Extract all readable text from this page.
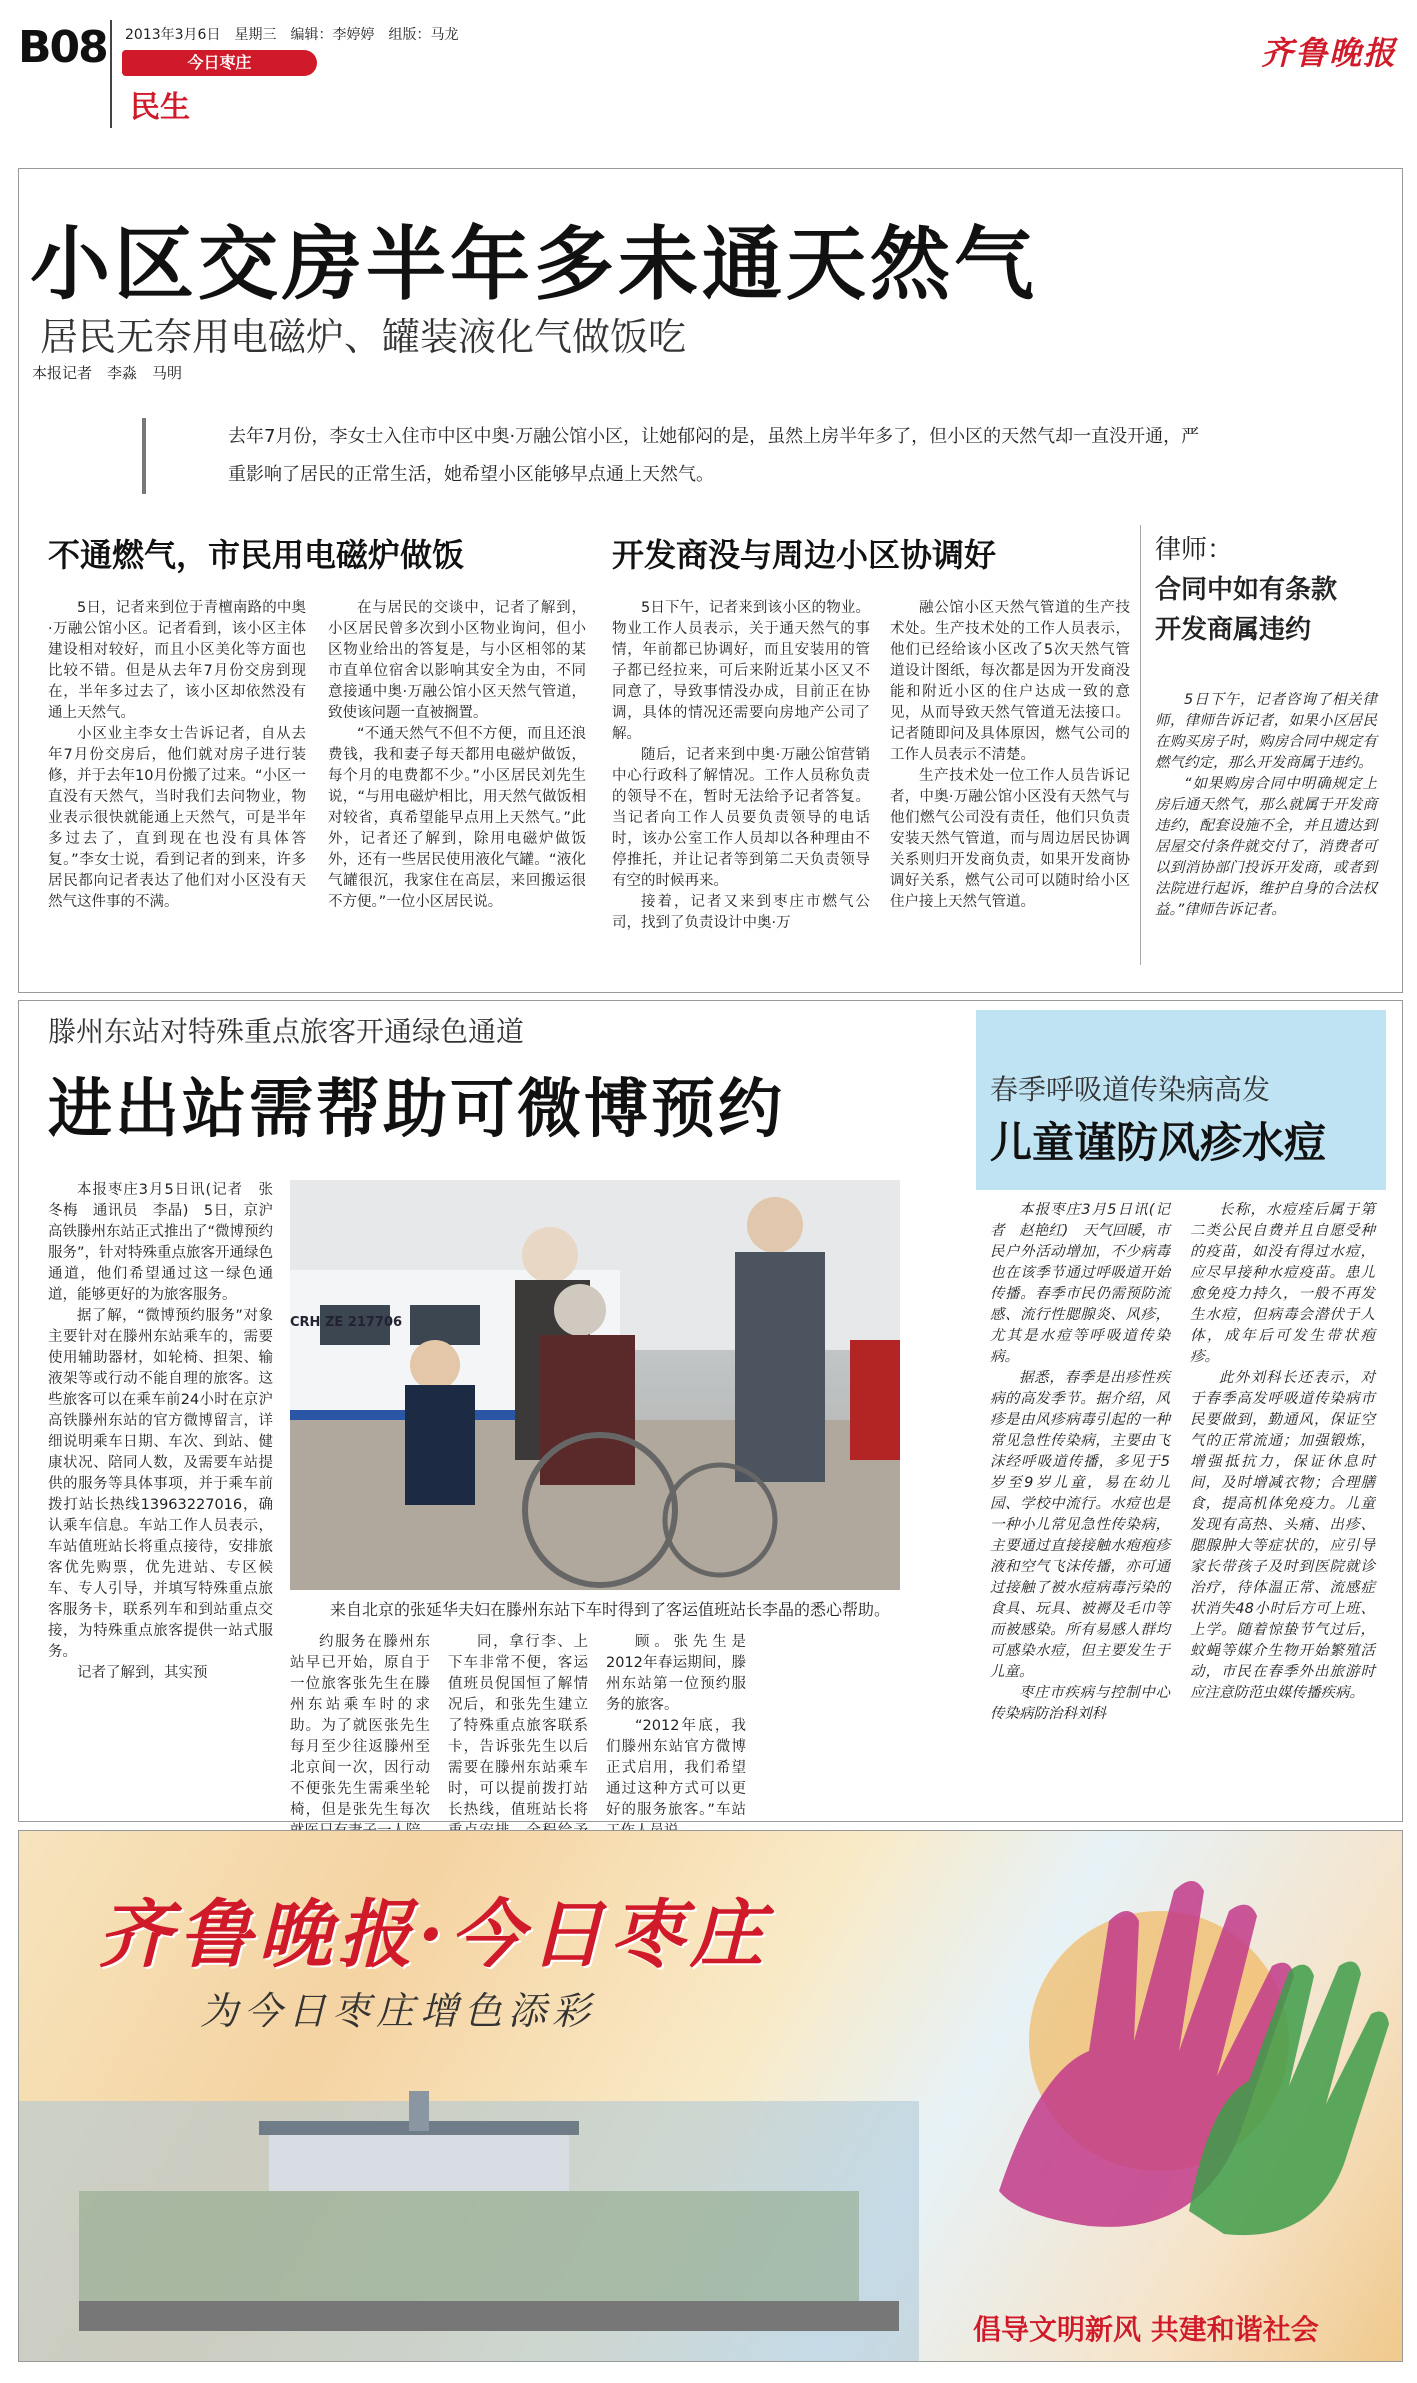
B08 2013年3月6日　星期三　编辑：李婷婷　组版：马龙
今日枣庄
民生
齐鲁晚报
小区交房半年多未通天然气
居民无奈用电磁炉、罐装液化气做饭吃
本报记者　李淼　马明
去年7月份，李女士入住市中区中奥·万融公馆小区，让她郁闷的是，虽然上房半年多了，但小区的天然气却一直没开通，严重影响了居民的正常生活，她希望小区能够早点通上天然气。
不通燃气，市民用电磁炉做饭	开发商没与周边小区协调好

5日，记者来到位于青檀南路的中奥·万融公馆小区。记者看到，该小区主体建设相对较好，而且小区美化等方面也比较不错。但是从去年7月份交房到现在，半年多过去了，该小区却依然没有通上天然气。

小区业主李女士告诉记者，自从去年7月份交房后，他们就对房子进行装修，并于去年10月份搬了过来。“小区一直没有天然气，当时我们去问物业，物业表示很快就能通上天然气，可是半年多过去了，直到现在也没有具体答复。”李女士说，看到记者的到来，许多居民都向记者表达了他们对小区没有天然气这件事的不满。

在与居民的交谈中，记者了解到，小区居民曾多次到小区物业询问，但小区物业给出的答复是，与小区相邻的某市直单位宿舍以影响其安全为由，不同意接通中奥·万融公馆小区天然气管道，致使该问题一直被搁置。

“不通天然气不但不方便，而且还浪费钱，我和妻子每天都用电磁炉做饭，每个月的电费都不少。”小区居民刘先生说，“与用电磁炉相比，用天然气做饭相对较省，真希望能早点用上天然气。”此外，记者还了解到，除用电磁炉做饭外，还有一些居民使用液化气罐。“液化气罐很沉，我家住在高层，来回搬运很不方便。”一位小区居民说。

5日下午，记者来到该小区的物业。物业工作人员表示，关于通天然气的事情，年前都已协调好，而且安装用的管子都已经拉来，可后来附近某小区又不同意了，导致事情没办成，目前正在协调，具体的情况还需要向房地产公司了解。

随后，记者来到中奥·万融公馆营销中心行政科了解情况。工作人员称负责的领导不在，暂时无法给予记者答复。当记者向工作人员要负责领导的电话时，该办公室工作人员却以各种理由不停推托，并让记者等到第二天负责领导有空的时候再来。

接着，记者又来到枣庄市燃气公司，找到了负责设计中奥·万

融公馆小区天然气管道的生产技术处。生产技术处的工作人员表示，他们已经给该小区改了5次天然气管道设计图纸，每次都是因为开发商没能和附近小区的住户达成一致的意见，从而导致天然气管道无法接口。记者随即问及具体原因，燃气公司的工作人员表示不清楚。

生产技术处一位工作人员告诉记者，中奥·万融公馆小区没有天然气与他们燃气公司没有责任，他们只负责安装天然气管道，而与周边居民协调关系则归开发商负责，如果开发商协调好关系，燃气公司可以随时给小区住户接上天然气管道。

律师：
合同中如有条款
开发商属违约

5日下午，记者咨询了相关律师，律师告诉记者，如果小区居民在购买房子时，购房合同中规定有燃气约定，那么开发商属于违约。

“如果购房合同中明确规定上房后通天然气，那么就属于开发商违约，配套设施不全，并且遗达到居屋交付条件就交付了，消费者可以到消协部门投诉开发商，或者到法院进行起诉，维护自身的合法权益。”律师告诉记者。

滕州东站对特殊重点旅客开通绿色通道
进出站需帮助可微博预约
CRH ZE 217706
来自北京的张延华夫妇在滕州东站下车时得到了客运值班站长李晶的悉心帮助。

本报枣庄3月5日讯(记者　张冬梅　通讯员　李晶)　5日，京沪高铁滕州东站正式推出了“微博预约服务”，针对特殊重点旅客开通绿色通道，他们希望通过这一绿色通道，能够更好的为旅客服务。

据了解，“微博预约服务”对象主要针对在滕州东站乘车的，需要使用辅助器材，如轮椅、担架、输液架等或行动不能自理的旅客。这些旅客可以在乘车前24小时在京沪高铁滕州东站的官方微博留言，详细说明乘车日期、车次、到站、健康状况、陪同人数，及需要车站提供的服务等具体事项，并于乘车前拨打站长热线13963227016，确认乘车信息。车站工作人员表示，车站值班站长将重点接待，安排旅客优先购票，优先进站、专区候车、专人引导，并填写特殊重点旅客服务卡，联系列车和到站重点交接，为特殊重点旅客提供一站式服务。

记者了解到，其实预

约服务在滕州东站早已开始，原自于一位旅客张先生在滕州东站乘车时的求助。为了就医张先生每月至少往返滕州至北京间一次，因行动不便张先生需乘坐轮椅，但是张先生每次

同，拿行李、上下车非常不便，客运值班员倪国恒了解情况后，和张先生建立了特殊重点旅客联系卡，告诉张先生以后需要在滕州东站乘车时，可以提前拨打站长热线，值班站长将

顾。张先生是2012年春运期间，滕州东站第一位预约服务的旅客。

“2012年底，我们滕州东站官方微博正式启用，我们希望通过这种方式可以更好的服务旅客。”车站

春季呼吸道传染病高发
儿童谨防风疹水痘

本报枣庄3月5日讯(记者　赵艳红)　天气回暖，市民户外活动增加，不少病毒也在该季节通过呼吸道开始传播。春季市民仍需预防流感、流行性腮腺炎、风疹，尤其是水痘等呼吸道传染病。

据悉，春季是出疹性疾病的高发季节。据介绍，风疹是由风疹病毒引起的一种常见急性传染病，主要由飞沫经呼吸道传播，多见于5岁至9岁儿童，易在幼儿园、学校中流行。水痘也是一种小儿常见急性传染病，主要通过直接接触水疱疱疹液和空气飞沫传播，亦可通过接触了被水痘病毒污染的食具、玩具、被褥及毛巾等而被感染。所有易感人群均可感染水痘，但主要发生于儿童。

枣庄市疾病与控制中心传染病防治科刘科

长称，水痘痊后属于第二类公民自费并且自愿受种的疫苗，如没有得过水痘，应尽早接种水痘疫苗。患儿愈免疫力持久，一般不再发生水痘，但病毒会潜伏于人体，成年后可发生带状疱疹。

此外刘科长还表示，对于春季高发呼吸道传染病市民要做到，勤通风，保证空气的正常流通；加强锻炼，增强抵抗力，保证休息时间，及时增减衣物；合理膳食，提高机体免疫力。儿童发现有高热、头痛、出疹、腮腺肿大等症状的，应引导家长带孩子及时到医院就诊治疗，待体温正常、流感症状消失48小时后方可上班、上学。随着惊蛰节气过后，蚊蝇等媒介生物开始繁殖活动，市民在春季外出旅游时应注意防范虫媒传播疾病。

齐鲁晚报·今日枣庄
为今日枣庄增色添彩
倡导文明新风 共建和谐社会
